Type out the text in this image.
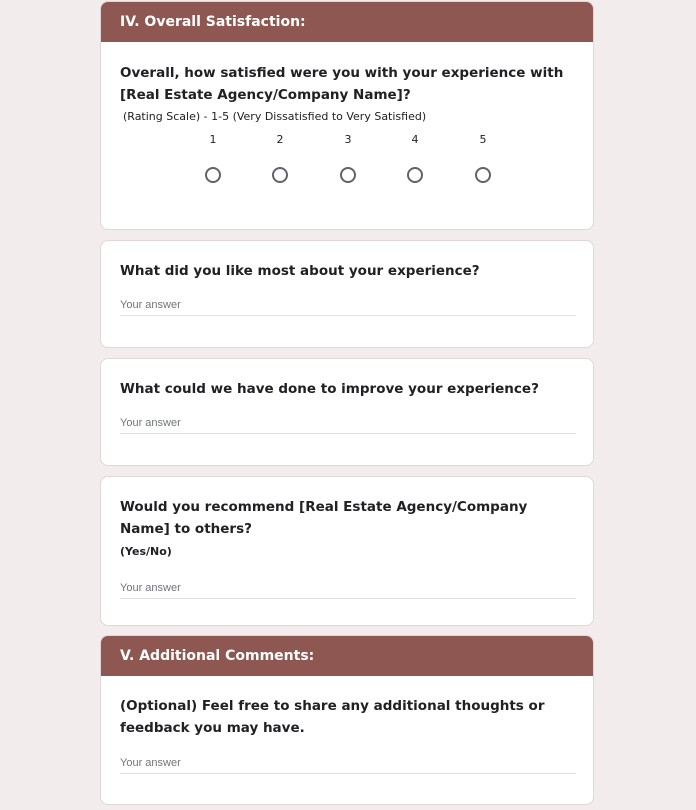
IV. Overall Satisfaction:

Overall, how satisfied were you with your experience with [Real Estate Agency/Company Name]?

(Rating Scale) - 1-5 (Very Dissatisfied to Very Satisfied)
1	2	3	4	5

What did you like most about your experience?

Your answer

What could we have done to improve your experience?

Your answer

Would you recommend [Real Estate Agency/Company Name] to others?

(Yes/No)
Your answer
V. Additional Comments:

(Optional) Feel free to share any additional thoughts or feedback you may have.

Your answer
